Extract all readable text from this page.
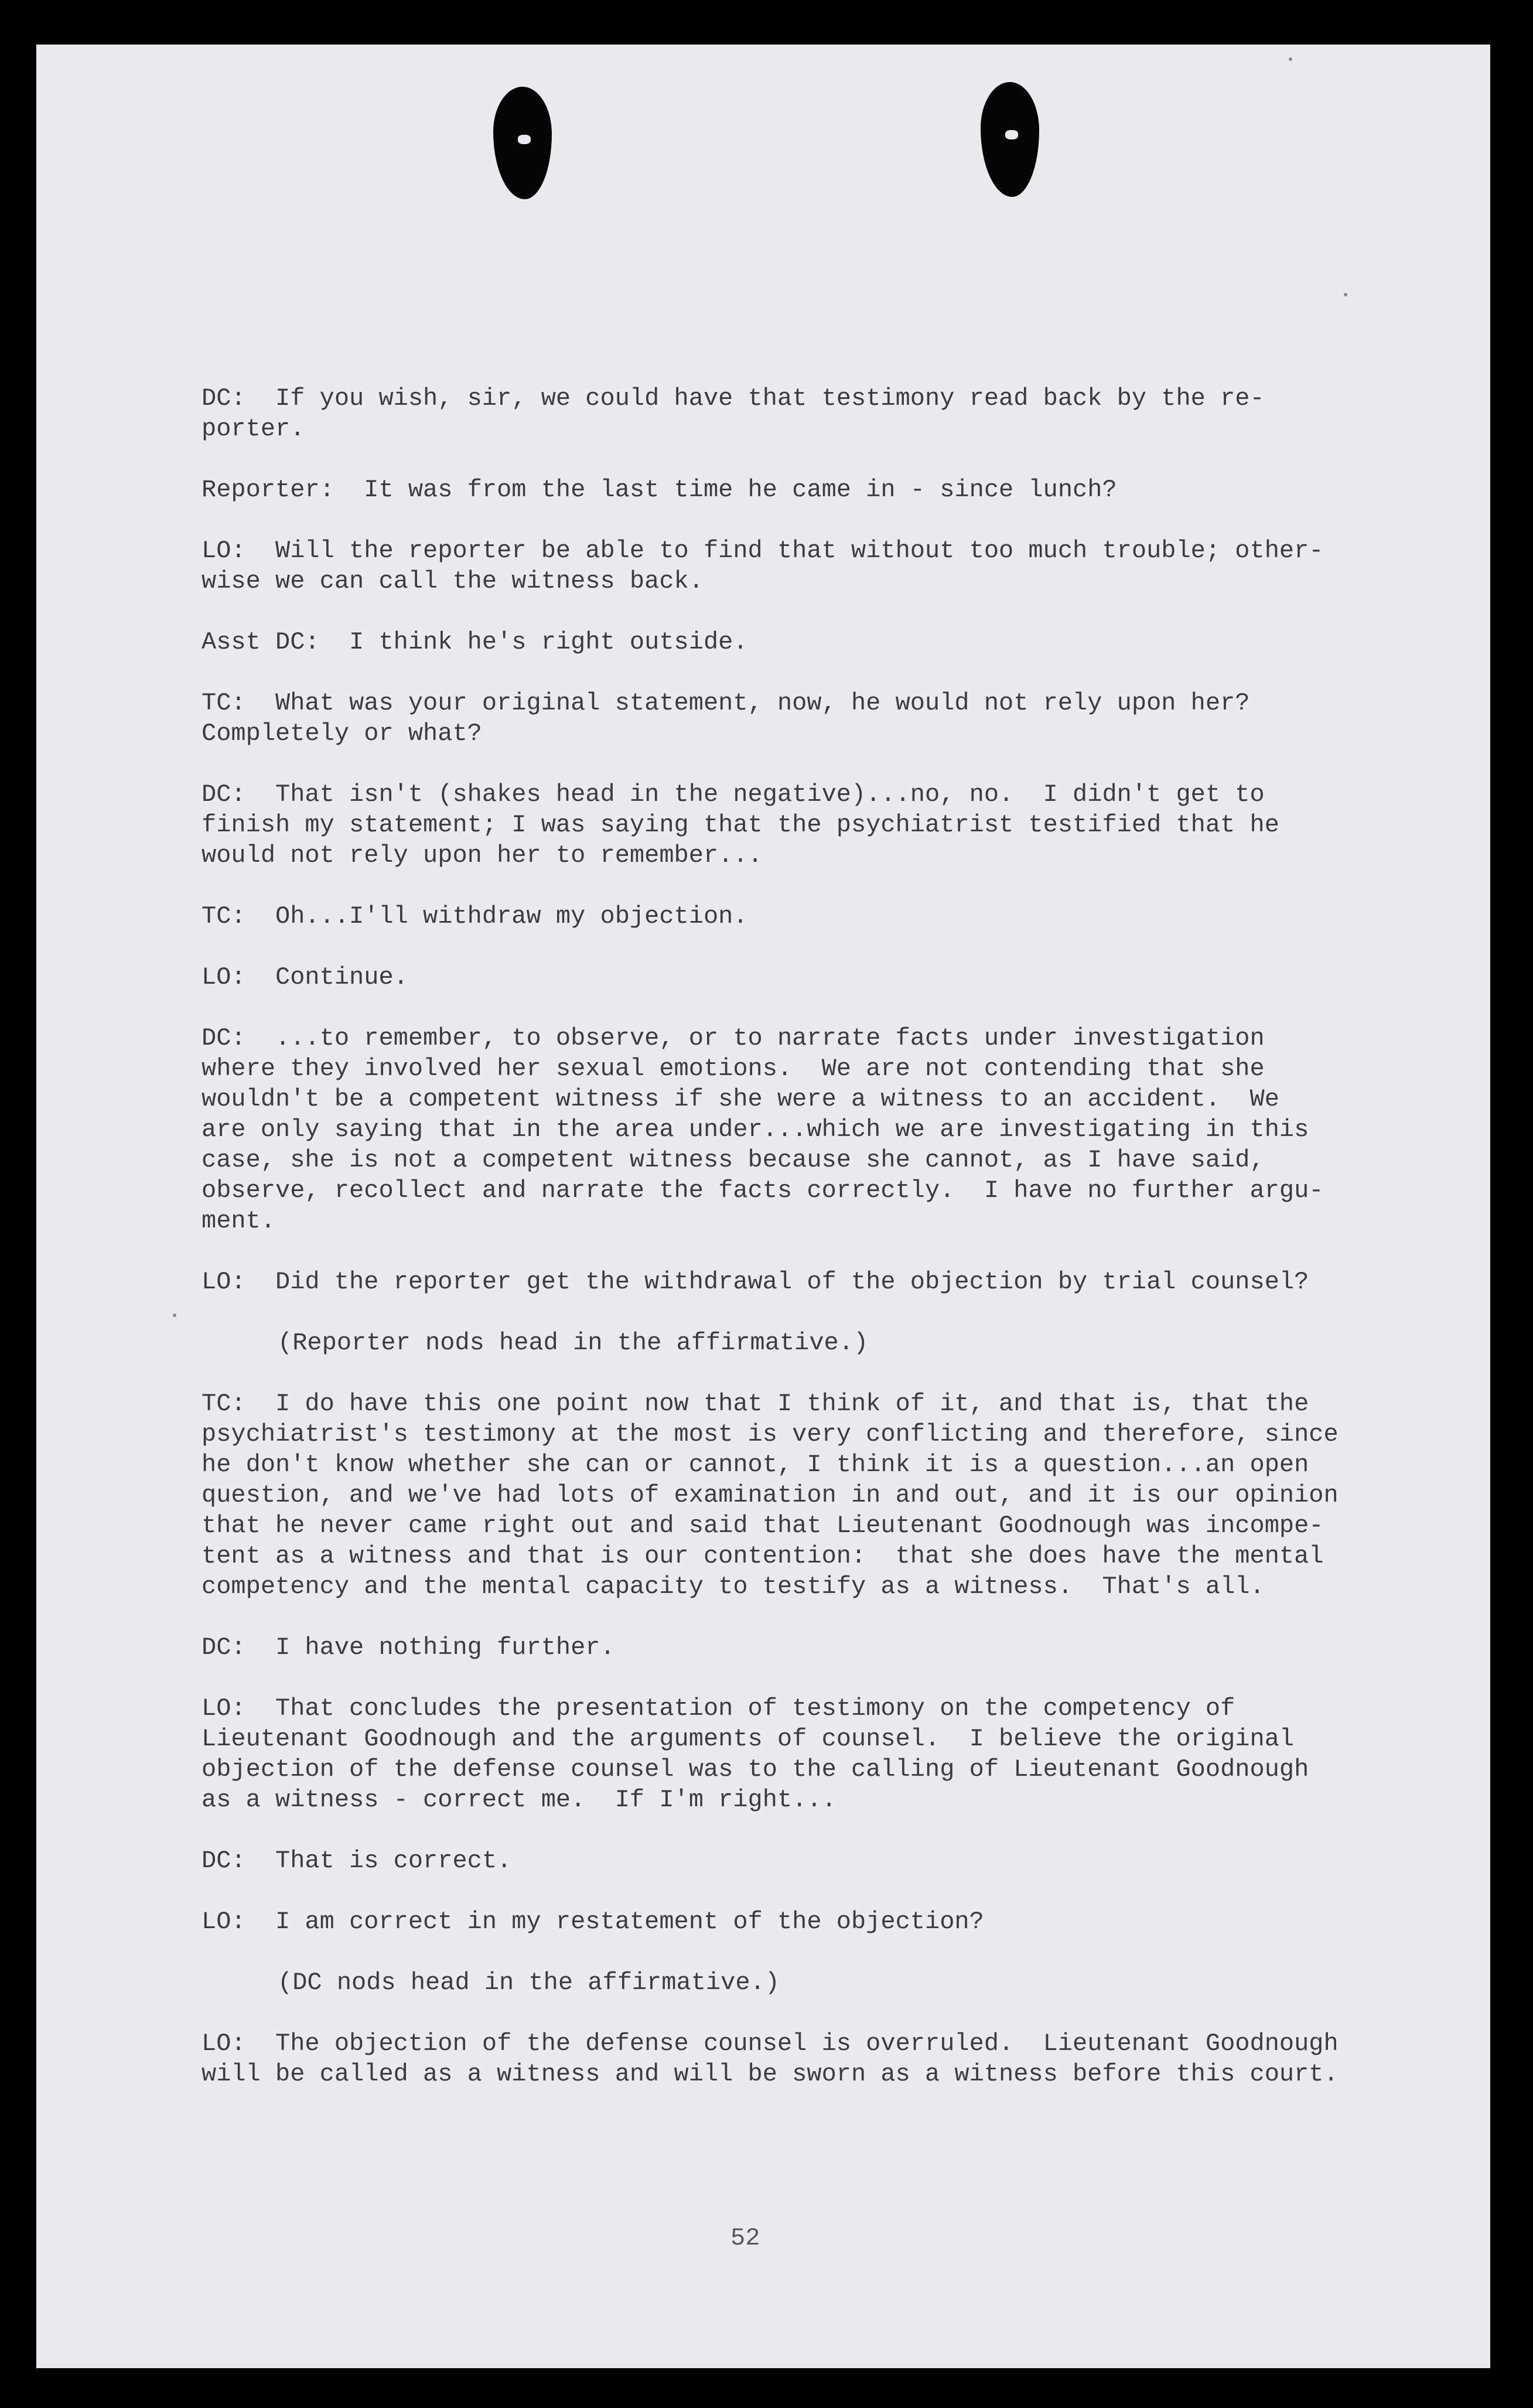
DC:  If you wish, sir, we could have that testimony read back by the re-
porter.
Reporter:  It was from the last time he came in - since lunch?
LO:  Will the reporter be able to find that without too much trouble; other-
wise we can call the witness back.
Asst DC:  I think he's right outside.
TC:  What was your original statement, now, he would not rely upon her?
Completely or what?
DC:  That isn't (shakes head in the negative)...no, no.  I didn't get to
finish my statement; I was saying that the psychiatrist testified that he
would not rely upon her to remember...
TC:  Oh...I'll withdraw my objection.
LO:  Continue.
DC:  ...to remember, to observe, or to narrate facts under investigation
where they involved her sexual emotions.  We are not contending that she
wouldn't be a competent witness if she were a witness to an accident.  We
are only saying that in the area under...which we are investigating in this
case, she is not a competent witness because she cannot, as I have said,
observe, recollect and narrate the facts correctly.  I have no further argu-
ment.
LO:  Did the reporter get the withdrawal of the objection by trial counsel?
(Reporter nods head in the affirmative.)
TC:  I do have this one point now that I think of it, and that is, that the
psychiatrist's testimony at the most is very conflicting and therefore, since
he don't know whether she can or cannot, I think it is a question...an open
question, and we've had lots of examination in and out, and it is our opinion
that he never came right out and said that Lieutenant Goodnough was incompe-
tent as a witness and that is our contention:  that she does have the mental
competency and the mental capacity to testify as a witness.  That's all.
DC:  I have nothing further.
LO:  That concludes the presentation of testimony on the competency of
Lieutenant Goodnough and the arguments of counsel.  I believe the original
objection of the defense counsel was to the calling of Lieutenant Goodnough
as a witness - correct me.  If I'm right...
DC:  That is correct.
LO:  I am correct in my restatement of the objection?
(DC nods head in the affirmative.)
LO:  The objection of the defense counsel is overruled.  Lieutenant Goodnough
will be called as a witness and will be sworn as a witness before this court.
52
